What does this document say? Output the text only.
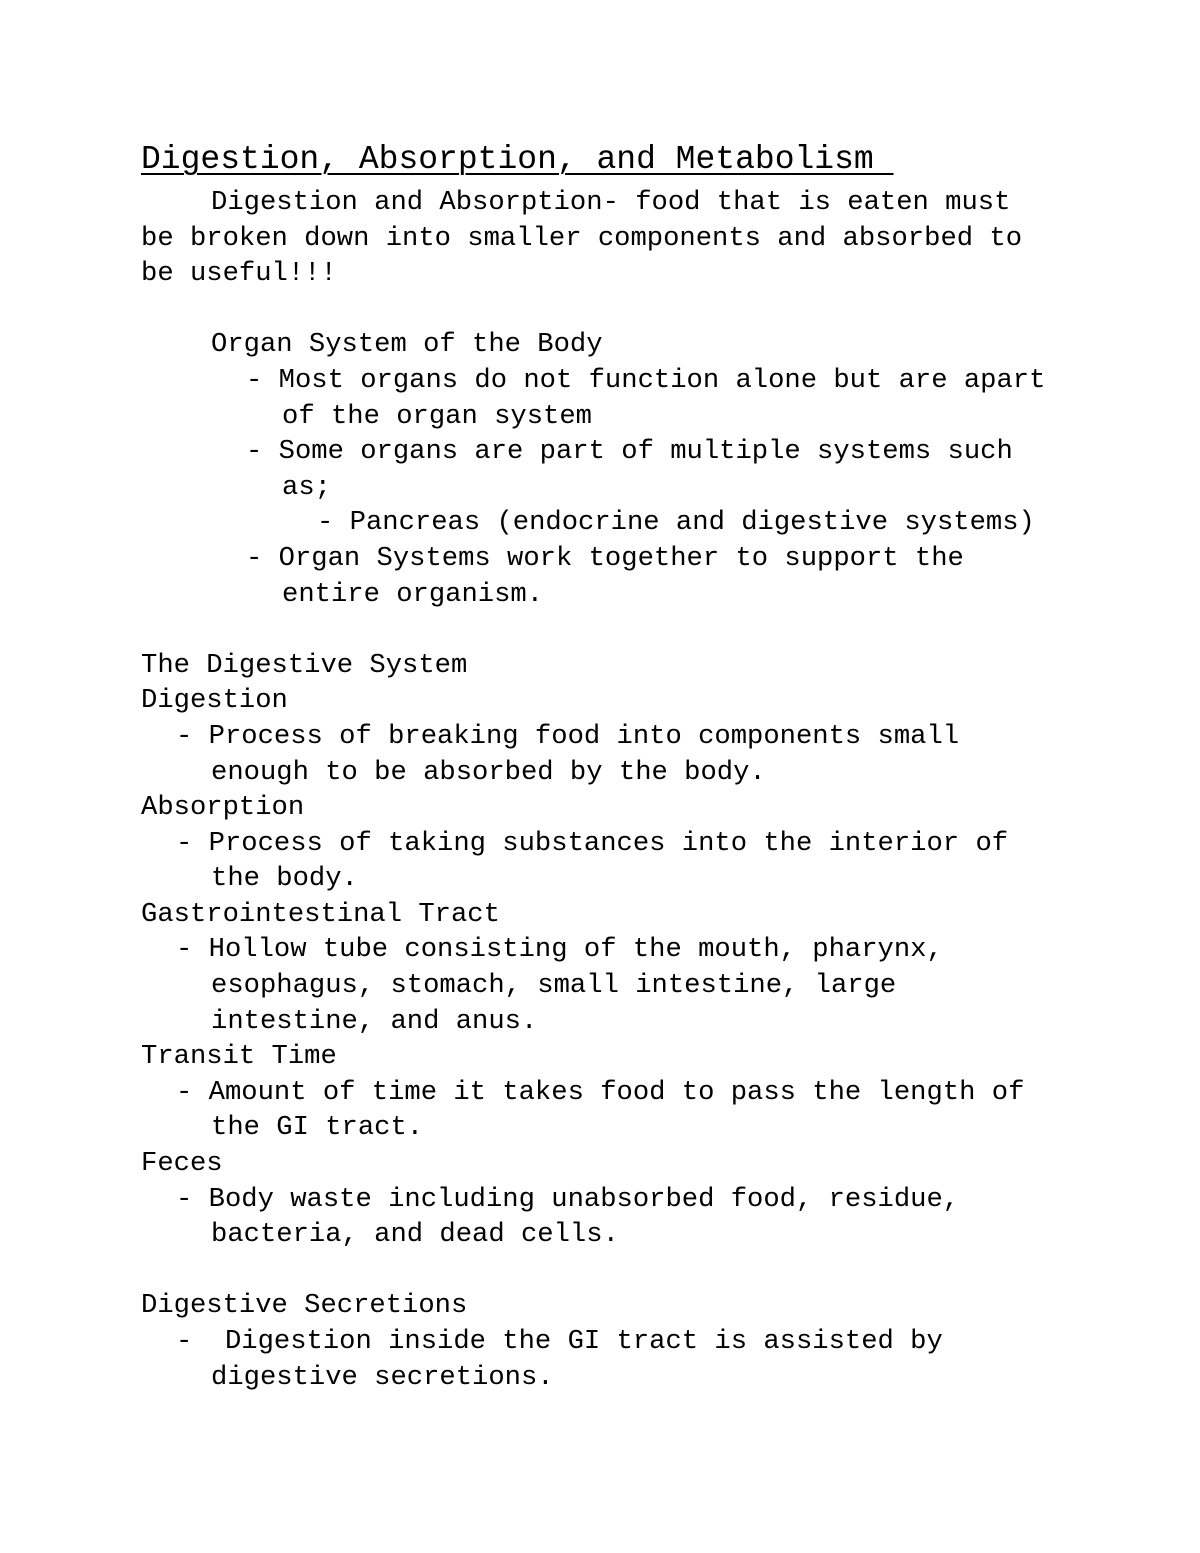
Digestion, Absorption, and Metabolism
Digestion and Absorption- food that is eaten must
be broken down into smaller components and absorbed to
be useful!!!
Organ System of the Body
- Most organs do not function alone but are apart
of the organ system
- Some organs are part of multiple systems such
as;
- Pancreas (endocrine and digestive systems)
- Organ Systems work together to support the
entire organism.
The Digestive System
Digestion
- Process of breaking food into components small
enough to be absorbed by the body.
Absorption
- Process of taking substances into the interior of
the body.
Gastrointestinal Tract
- Hollow tube consisting of the mouth, pharynx,
esophagus, stomach, small intestine, large
intestine, and anus.
Transit Time
- Amount of time it takes food to pass the length of
the GI tract.
Feces
- Body waste including unabsorbed food, residue,
bacteria, and dead cells.
Digestive Secretions
-  Digestion inside the GI tract is assisted by
digestive secretions.
